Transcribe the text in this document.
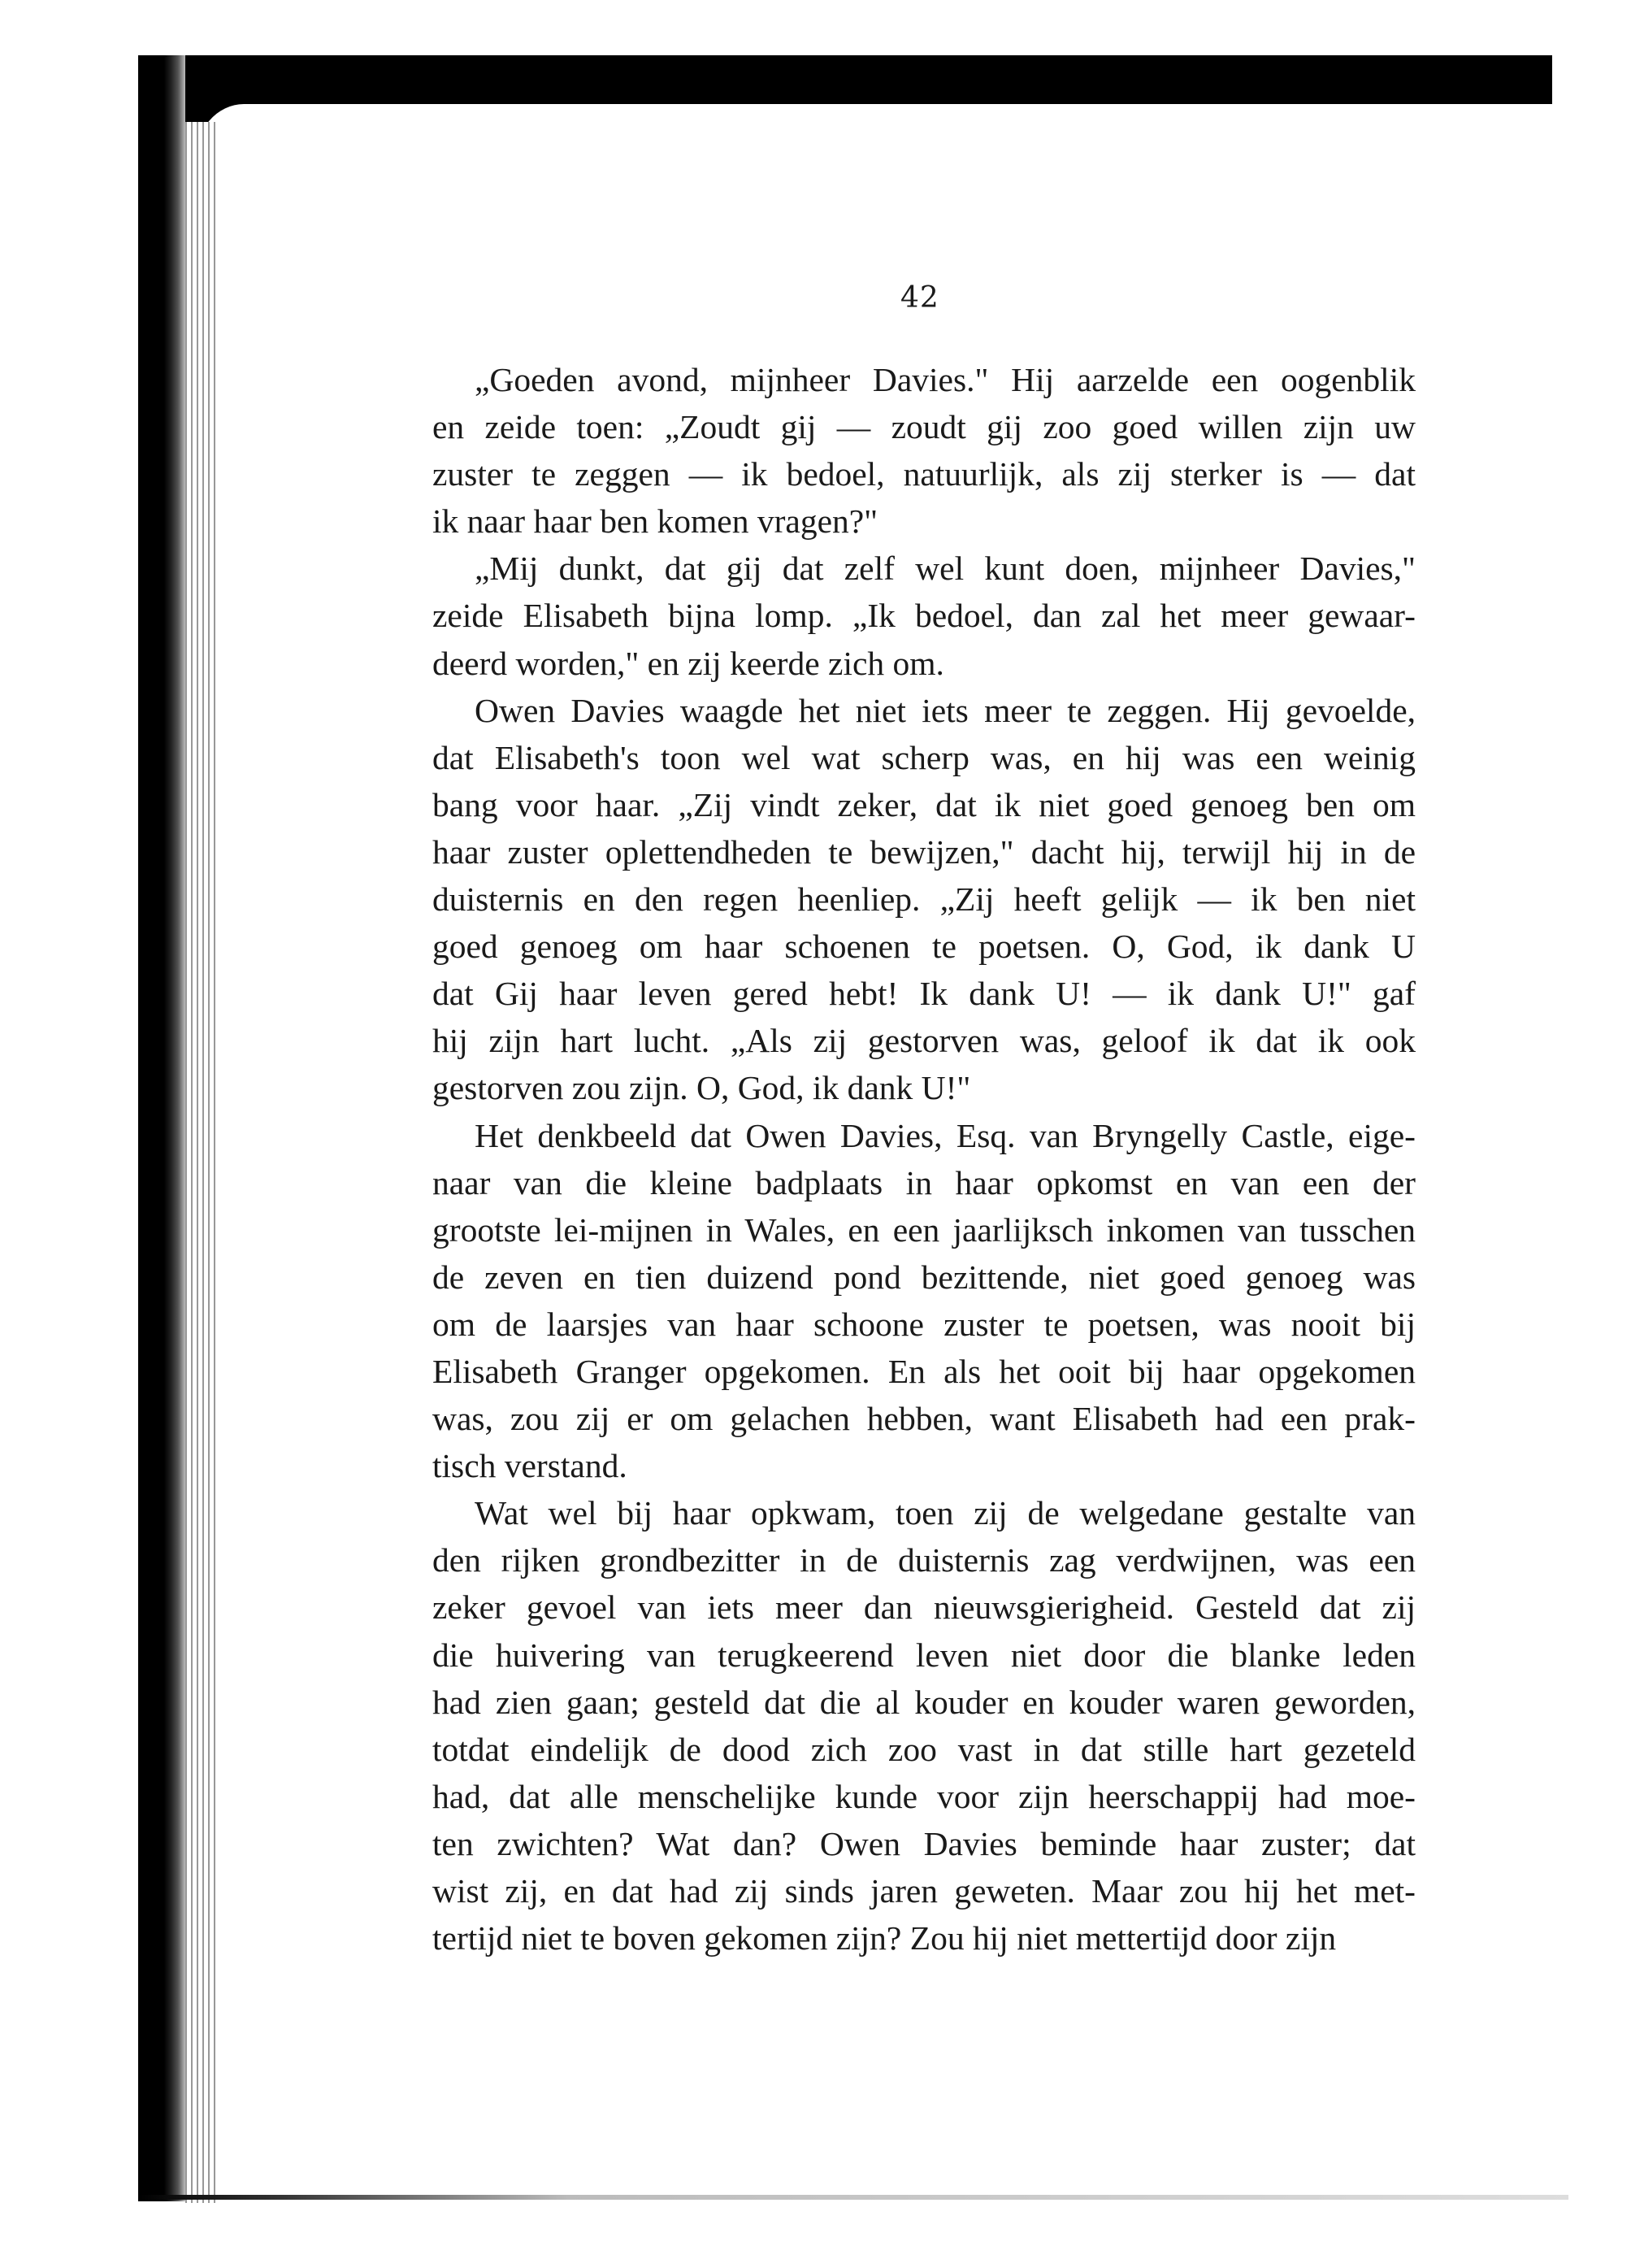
42
„Goeden avond, mijnheer Davies." Hij aarzelde een oogenblik
en zeide toen: „Zoudt gij — zoudt gij zoo goed willen zijn uw
zuster te zeggen — ik bedoel, natuurlijk, als zij sterker is — dat
ik naar haar ben komen vragen?"
„Mij dunkt, dat gij dat zelf wel kunt doen, mijnheer Davies,"
zeide Elisabeth bijna lomp. „Ik bedoel, dan zal het meer gewaar-
deerd worden," en zij keerde zich om.
Owen Davies waagde het niet iets meer te zeggen. Hij gevoelde,
dat Elisabeth's toon wel wat scherp was, en hij was een weinig
bang voor haar. „Zij vindt zeker, dat ik niet goed genoeg ben om
haar zuster oplettendheden te bewijzen," dacht hij, terwijl hij in de
duisternis en den regen heenliep. „Zij heeft gelijk — ik ben niet
goed genoeg om haar schoenen te poetsen. O, God, ik dank U
dat Gij haar leven gered hebt! Ik dank U! — ik dank U!" gaf
hij zijn hart lucht. „Als zij gestorven was, geloof ik dat ik ook
gestorven zou zijn. O, God, ik dank U!"
Het denkbeeld dat Owen Davies, Esq. van Bryngelly Castle, eige-
naar van die kleine badplaats in haar opkomst en van een der
grootste lei-mijnen in Wales, en een jaarlijksch inkomen van tusschen
de zeven en tien duizend pond bezittende, niet goed genoeg was
om de laarsjes van haar schoone zuster te poetsen, was nooit bij
Elisabeth Granger opgekomen. En als het ooit bij haar opgekomen
was, zou zij er om gelachen hebben, want Elisabeth had een prak-
tisch verstand.
Wat wel bij haar opkwam, toen zij de welgedane gestalte van
den rijken grondbezitter in de duisternis zag verdwijnen, was een
zeker gevoel van iets meer dan nieuwsgierigheid. Gesteld dat zij
die huivering van terugkeerend leven niet door die blanke leden
had zien gaan; gesteld dat die al kouder en kouder waren geworden,
totdat eindelijk de dood zich zoo vast in dat stille hart gezeteld
had, dat alle menschelijke kunde voor zijn heerschappij had moe-
ten zwichten? Wat dan? Owen Davies beminde haar zuster; dat
wist zij, en dat had zij sinds jaren geweten. Maar zou hij het met-
tertijd niet te boven gekomen zijn? Zou hij niet mettertijd door zijn
